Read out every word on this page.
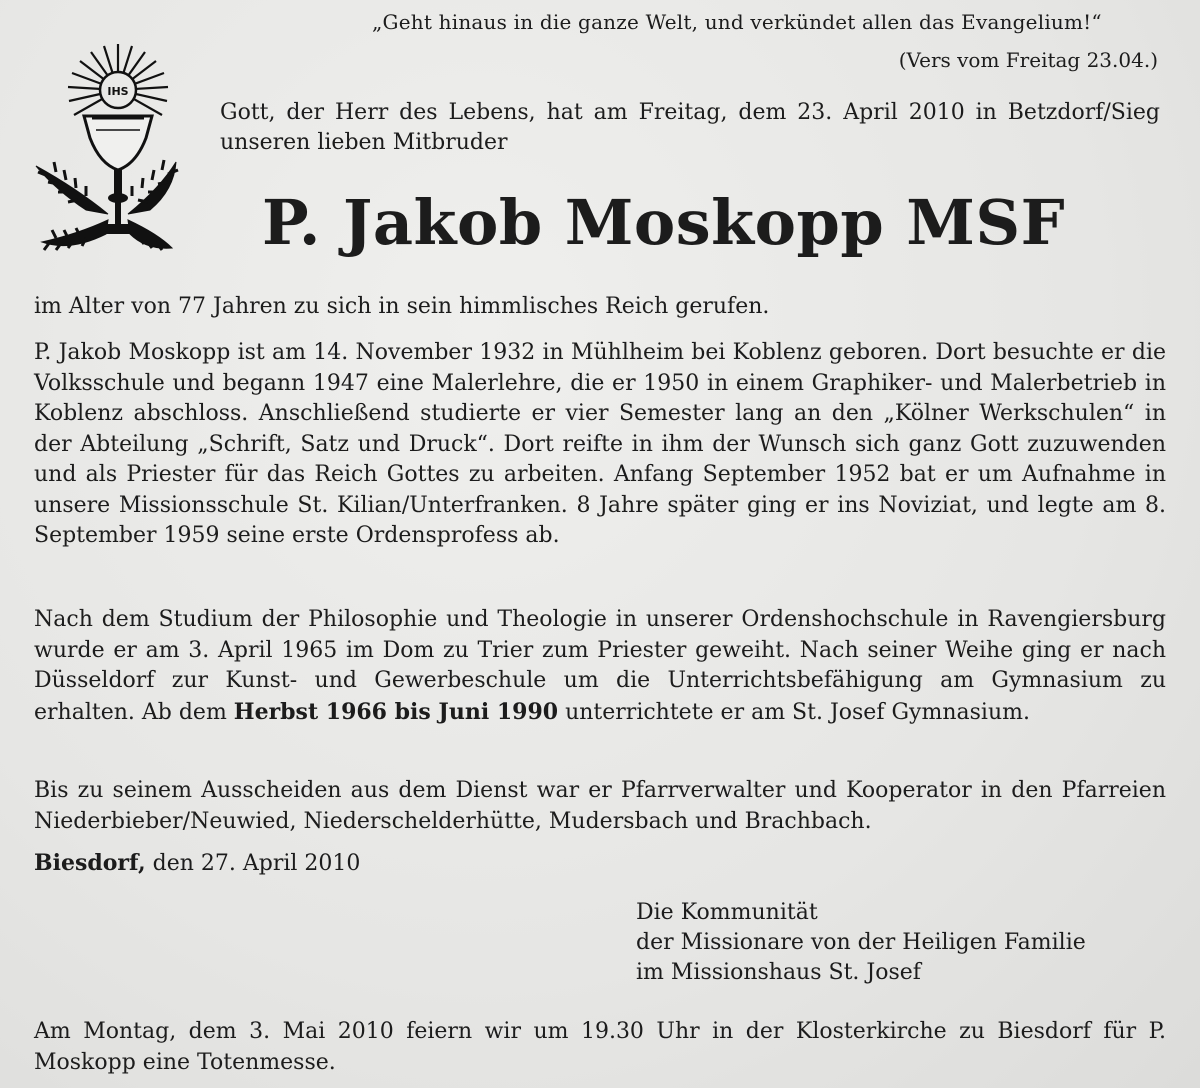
„Geht hinaus in die ganze Welt, und verkündet allen das Evangelium!“
(Vers vom Freitag 23.04.)
IHS
Gott, der Herr des Lebens, hat am Freitag, dem 23. April 2010 in Betzdorf/Sieg unseren lieben Mitbruder
P. Jakob Moskopp MSF
im Alter von 77 Jahren zu sich in sein himmlisches Reich gerufen.
P. Jakob Moskopp ist am 14. November 1932 in Mühlheim bei Koblenz geboren. Dort besuchte er die Volksschule und begann 1947 eine Malerlehre, die er 1950 in einem Graphiker- und Malerbetrieb in Koblenz abschloss. Anschließend studierte er vier Semester lang an den „Kölner Werkschulen“ in der Abteilung „Schrift, Satz und Druck“. Dort reifte in ihm der Wunsch sich ganz Gott zuzuwenden und als Priester für das Reich Gottes zu arbeiten. Anfang September 1952 bat er um Aufnahme in unsere Missionsschule St. Kilian/Unterfranken. 8 Jahre später ging er ins Noviziat, und legte am 8. September 1959 seine erste Ordensprofess ab.
Nach dem Studium der Philosophie und Theologie in unserer Ordenshochschule in Ravengiersburg wurde er am 3. April 1965 im Dom zu Trier zum Priester geweiht. Nach seiner Weihe ging er nach Düsseldorf zur Kunst- und Gewerbeschule um die Unterrichtsbefähigung am Gymnasium zu erhalten. Ab dem Herbst 1966 bis Juni 1990 unterrichtete er am St. Josef Gymnasium.
Bis zu seinem Ausscheiden aus dem Dienst war er Pfarrverwalter und Kooperator in den Pfarreien Niederbieber/Neuwied, Niederschelderhütte, Mudersbach und Brachbach.
Biesdorf, den 27. April 2010
Die Kommunität
der Missionare von der Heiligen Familie
im Missionshaus St. Josef
Am Montag, dem 3. Mai 2010 feiern wir um 19.30 Uhr in der Klosterkirche zu Biesdorf für P. Moskopp eine Totenmesse.
